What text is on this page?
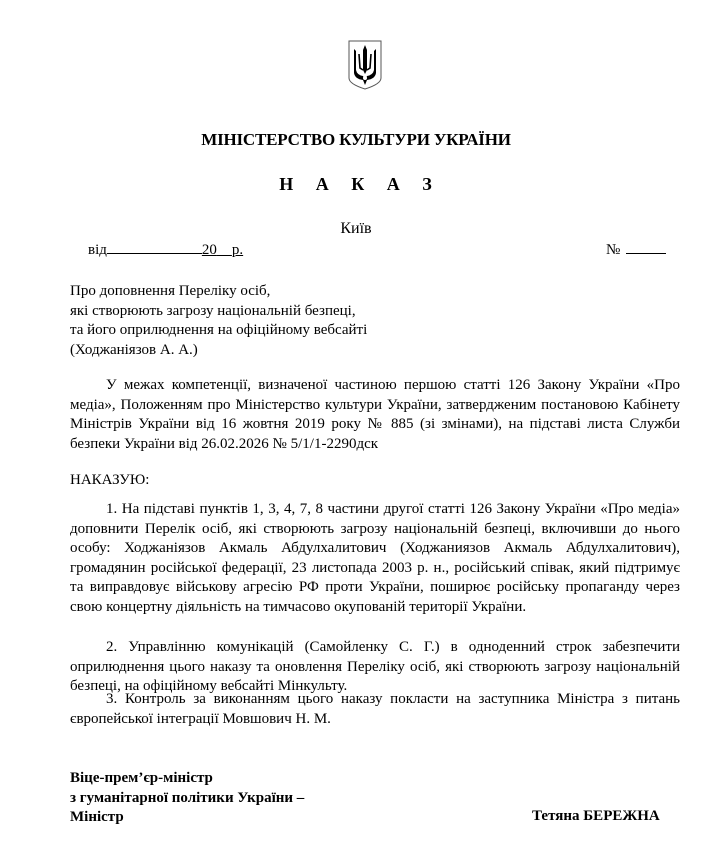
МІНІСТЕРСТВО КУЛЬТУРИ УКРАЇНИ
Н А К А З
Київ
від	20 р.	№
Про доповнення Переліку осіб,
які створюють загрозу національній безпеці,
та його оприлюднення на офіційному вебсайті
(Ходжаніязов А. А.)
У межах компетенції, визначеної частиною першою статті 126 Закону України «Про медіа», Положенням про Міністерство культури України, затвердженим постановою Кабінету Міністрів України від 16 жовтня 2019 року № 885 (зі змінами), на підставі листа Служби безпеки України від 26.02.2026 № 5/1/1-2290дск
НАКАЗУЮ:
1. На підставі пунктів 1, 3, 4, 7, 8 частини другої статті 126 Закону України «Про медіа» доповнити Перелік осіб, які створюють загрозу національній безпеці, включивши до нього особу: Ходжаніязов Акмаль Абдулхалитович (Ходжаниязов Акмаль Абдулхалитович), громадянин російської федерації, 23 листопада 2003 р. н., російський співак, який підтримує та виправдовує військову агресію РФ проти України, поширює російську пропаганду через свою концертну діяльність на тимчасово окупованій території України.
2. Управлінню комунікацій (Самойленку С. Г.) в одноденний строк забезпечити оприлюднення цього наказу та оновлення Переліку осіб, які створюють загрозу національній безпеці, на офіційному вебсайті Мінкульту.
3. Контроль за виконанням цього наказу покласти на заступника Міністра з питань європейської інтеграції Мовшович Н. М.
Віце-прем’єр-міністр
з гуманітарної політики України –
Міністр	Тетяна БЕРЕЖНА
